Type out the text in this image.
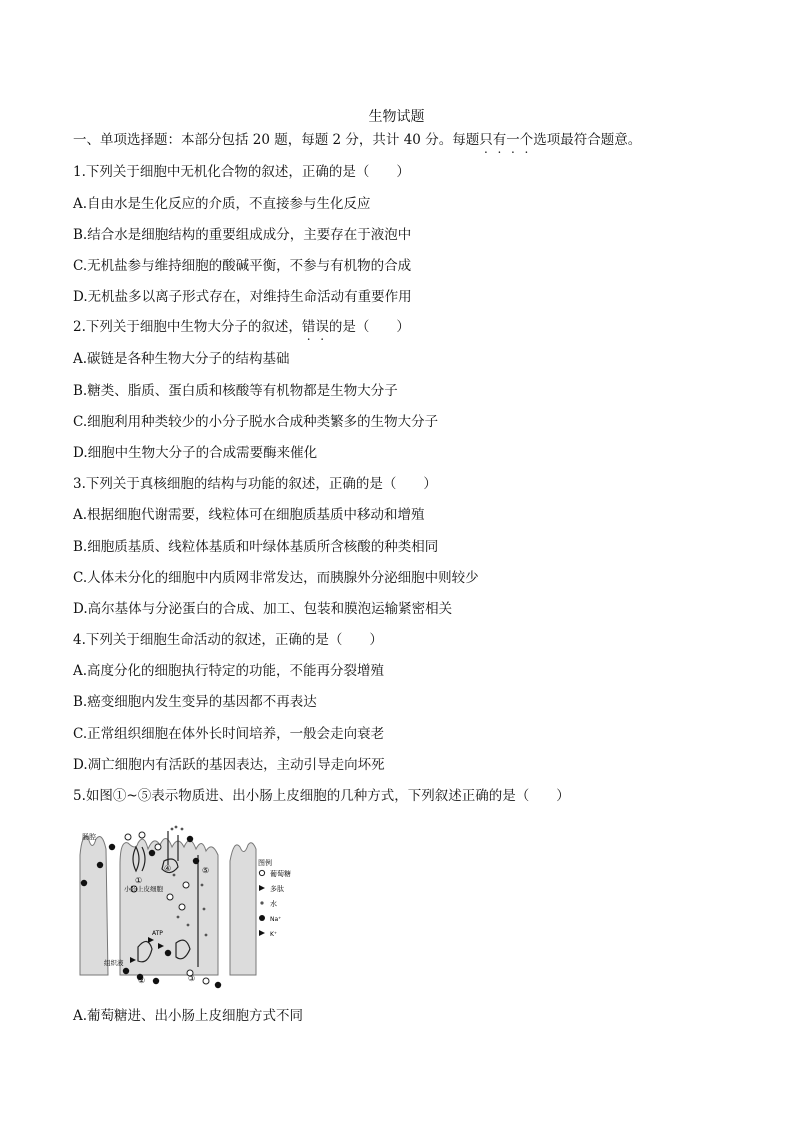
生物试题
一、单项选择题：本部分包括 20 题，每题 2 分，共计 40 分。每题只有一个选项最符合题意。
1.下列关于细胞中无机化合物的叙述，正确的是（　　）
A.自由水是生化反应的介质，不直接参与生化反应
B.结合水是细胞结构的重要组成成分，主要存在于液泡中
C.无机盐参与维持细胞的酸碱平衡，不参与有机物的合成
D.无机盐多以离子形式存在，对维持生命活动有重要作用
2.下列关于细胞中生物大分子的叙述，错误的是（　　）
A.碳链是各种生物大分子的结构基础
B.糖类、脂质、蛋白质和核酸等有机物都是生物大分子
C.细胞利用种类较少的小分子脱水合成种类繁多的生物大分子
D.细胞中生物大分子的合成需要酶来催化
3.下列关于真核细胞的结构与功能的叙述，正确的是（　　）
A.根据细胞代谢需要，线粒体可在细胞质基质中移动和增殖
B.细胞质基质、线粒体基质和叶绿体基质所含核酸的种类相同
C.人体未分化的细胞中内质网非常发达，而胰腺外分泌细胞中则较少
D.高尔基体与分泌蛋白的合成、加工、包装和膜泡运输紧密相关
4.下列关于细胞生命活动的叙述，正确的是（　　）
A.高度分化的细胞执行特定的功能，不能再分裂增殖
B.癌变细胞内发生变异的基因都不再表达
C.正常组织细胞在体外长时间培养，一般会走向衰老
D.凋亡细胞内有活跃的基因表达，主动引导走向坏死
5.如图①~⑤表示物质进、出小肠上皮细胞的几种方式，下列叙述正确的是（　　）
肠腔
小肠上皮细胞
组织液
ATP
①
②	③
④	⑤
图例
葡萄糖
多肽
水
Na⁺
K⁺
A.葡萄糖进、出小肠上皮细胞方式不同
